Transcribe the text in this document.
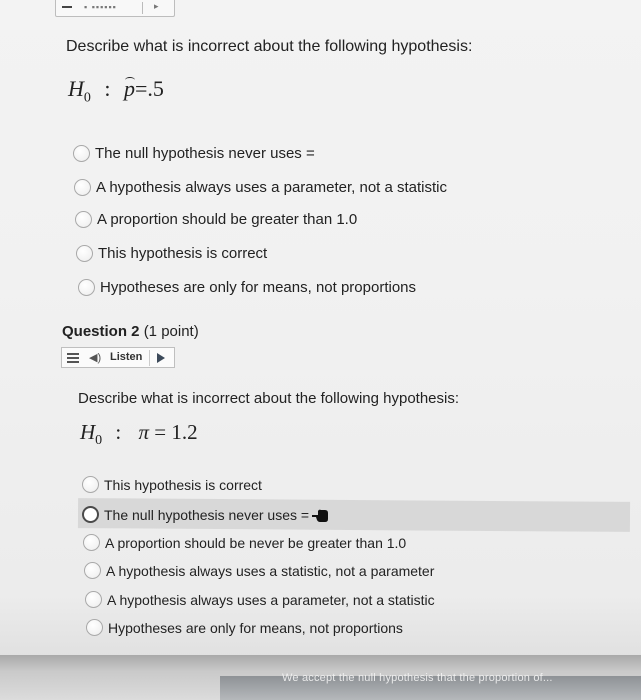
▪ ▪▪▪▪▪▪	▸
Describe what is incorrect about the following hypothesis:
$H_0$ : p=.5
The null hypothesis never uses =
A hypothesis always uses a parameter, not a statistic
A proportion should be greater than 1.0
This hypothesis is correct
Hypotheses are only for means, not proportions
Question 2 (1 point)
◀) Listen
Describe what is incorrect about the following hypothesis:
$H_0$ : π = 1.2
This hypothesis is correct
The null hypothesis never uses =
A proportion should be never be greater than 1.0
A hypothesis always uses a statistic, not a parameter
A hypothesis always uses a parameter, not a statistic
Hypotheses are only for means, not proportions
We accept the null hypothesis that the proportion of...
